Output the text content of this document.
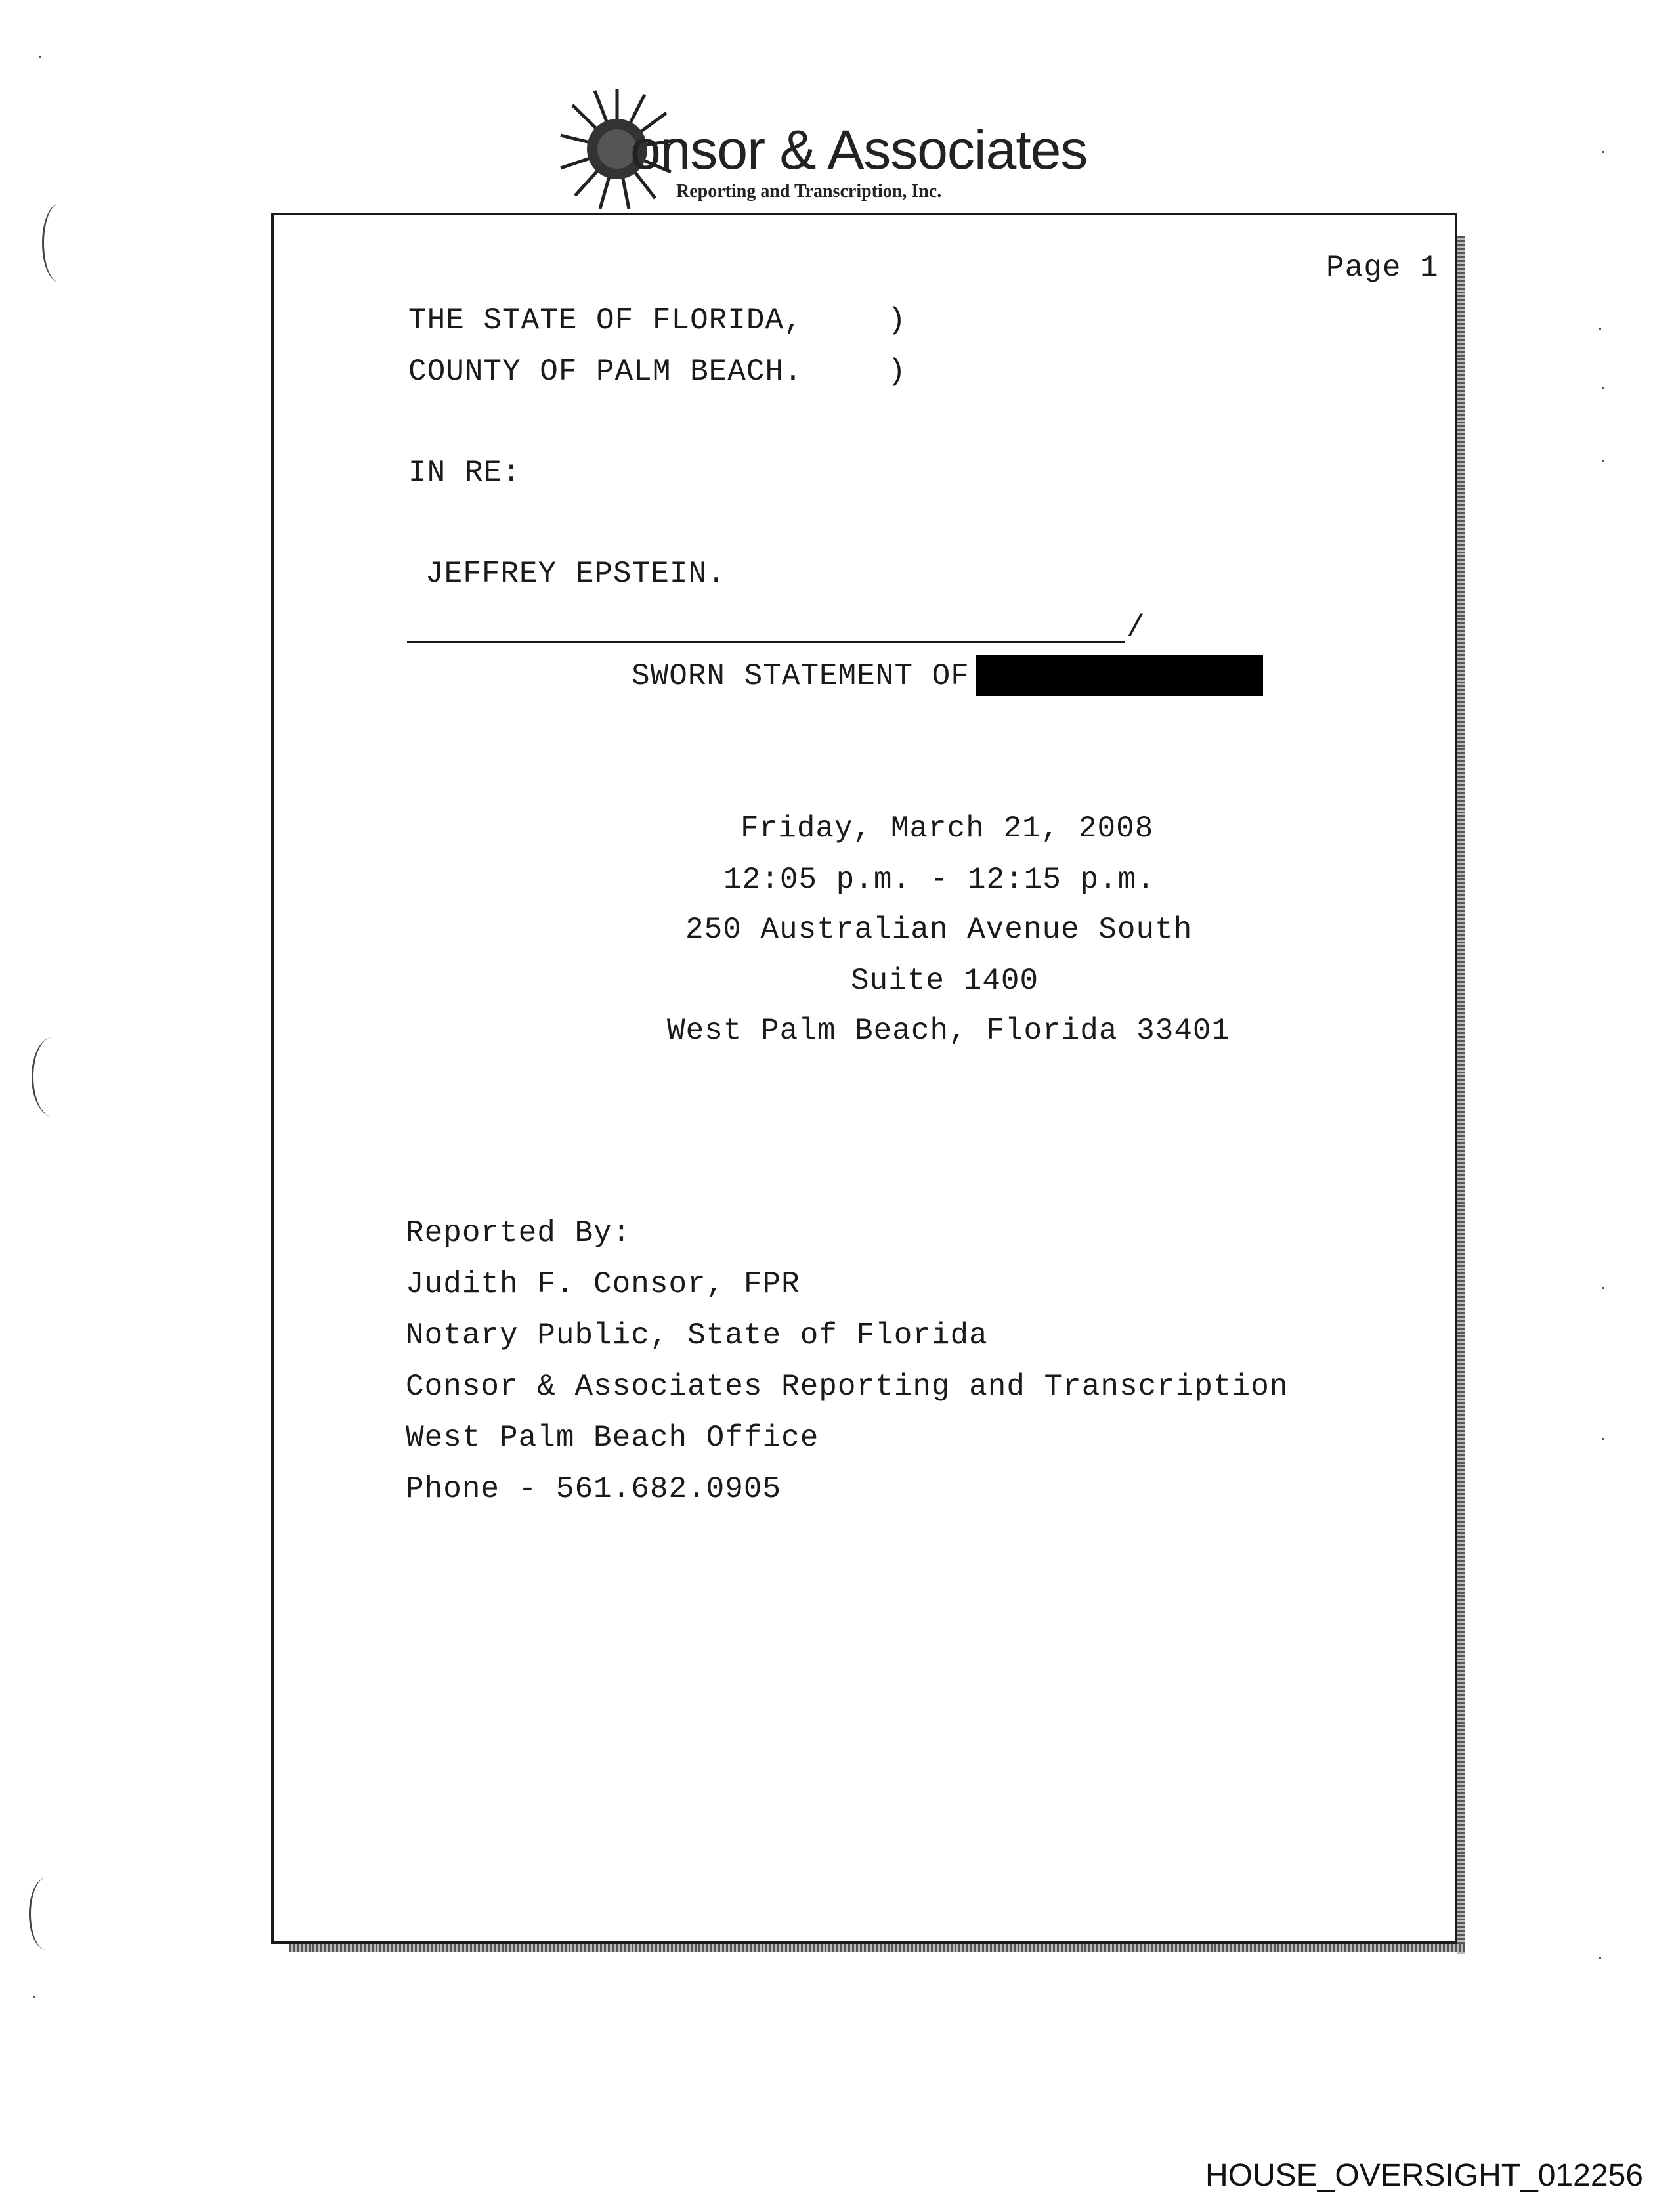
onsor & Associates
Reporting and Transcription, Inc.
Page 1
THE STATE OF FLORIDA,	)
COUNTY OF PALM BEACH.	)
IN RE:
JEFFREY EPSTEIN.
/
SWORN STATEMENT OF
Friday, March 21, 2008
12:05 p.m. - 12:15 p.m.
250 Australian Avenue South
Suite 1400
West Palm Beach, Florida 33401
Reported By:
Judith F. Consor, FPR
Notary Public, State of Florida
Consor & Associates Reporting and Transcription
West Palm Beach Office
Phone - 561.682.0905
HOUSE_OVERSIGHT_012256
